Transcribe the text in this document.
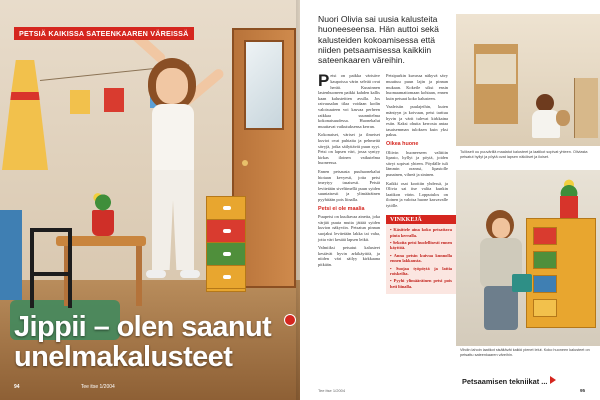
PETSIÄ KAIKISSA SATEENKAAREN VÄREISSÄ
Jippii – olen saanut
unelmakalusteet
94	Tee itse 1/2004
Nuori Olivia sai uusia kalusteita huoneeseensa. Hän auttoi sekä kalusteiden kokoamisessa että niiden petsaamisessa kaikkiin sateenkaaren väreihin.

Petsi on paikka värisäve kaupoissa värin selvää ovat herää. Kuusinnen lastenhuoneen paikki kahden kallis kaan kalusteitten avulla. Jos raivausalan tilaa voidaan kodin valoisuuteen voi kasvaa perheen raikkaa suunnitelma kokonaisuudessa. Huonekalut muuttavat vaikutuksensa kerran.

Kokonaiset, väriset ja ilmeiset kuviot ovat puhtaita ja pehmeitä sävyjä, jotka säilyttävät puun syyt. Petsi on lapsen väri, jossa syntyy kirkas iloinen vaikutelma huoneessa.

Ennen petsausta puuhuonekalut hiotaan kevyesti, jotta petsi imeytyy tasaisesti. Petsiä levitetään siveltimellä puun syiden suuntaisesti ja ylimääräinen pyyhitään pois liinalla.

Petsi ei ole maalia

Puupetsi on kuultavaa ainetta, joka värjää puuta mutta jättää syiden kuvion näkyviin. Petsatun pinnan suojaksi levitetään lakka tai vaha, jotta väri kestää lapsen leikit.

Valmiiksi petsatut kalusteet kestävät hyvin arkikäyttöä, ja niiden väri säilyy kirkkaana pitkään.

Petsipurkin kuvassa näkyvä sävy muuttuu puun lajin ja pinnan mukaan. Kokeile siksi ensin huomaamattomaan kohtaan, ennen kuin petsaat koko kalusteen.

Vaaleisiin puulajeihin, kuten mäntyyn ja koivuun, petsi tarttuu hyvin ja värit tulevat kirkkaina esiin. Kaksi ohutta kerrosta antaa tasaisemman tuloksen kuin yksi paksu.

Oikea huone

Oliivin huoneeseen valittiin lipasto, hyllyt ja pöytä, joiden sävyt sopivat yhteen. Pöydälle tuli lämmin oranssi, lipastolle punainen, vihreä ja sininen.

Kaikki osat koottiin yhdessä, ja Olivia sai itse valita kunkin laatikon värin. Lopputulos on iloinen ja valoisa huone kasvavalle tytölle.

VINKKEJÄ
• Käsittele aina koko petsattava pinta kerralla.
• Sekoita petsi huolellisesti ennen käyttöä.
• Anna petsin kuivua kunnolla ennen lakkausta.
• Suojaa työpöytä ja lattia roiskeilta.
• Pyyhi ylimääräinen petsi pois heti liinalla.
Tee itse 1/2004
Tulikselt ou puuvärillä maalatut kalusteet ja laatikot sopivat yhteen. Oliviasta petsatut hyllyt ja pöytä ovat lapsen näköiset ja iloiset.
Vihdin lahoin laatikot sisältävät kaikki pienet lelut. Koko huoneen kalusteet on petsattu sateenkaaren väreihin.
Petsaamisen tekniikat ...
95
